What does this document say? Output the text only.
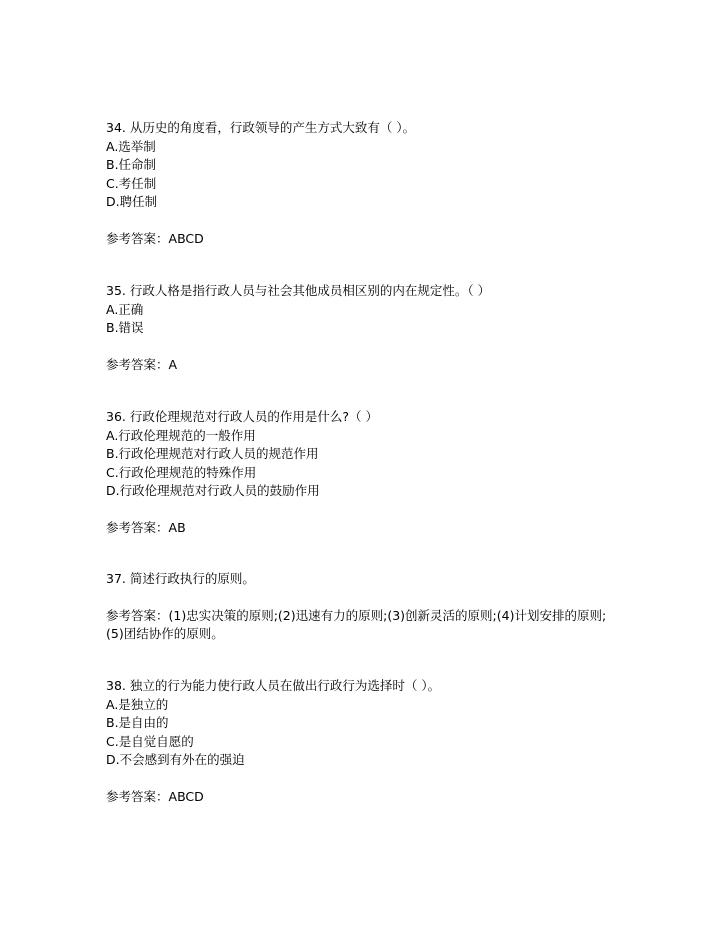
34. 从历史的角度看，行政领导的产生方式大致有（ ）。
A.选举制
B.任命制
C.考任制
D.聘任制
参考答案：ABCD
35. 行政人格是指行政人员与社会其他成员相区别的内在规定性。（ ）
A.正确
B.错误
参考答案：A
36. 行政伦理规范对行政人员的作用是什么?（ ）
A.行政伦理规范的一般作用
B.行政伦理规范对行政人员的规范作用
C.行政伦理规范的特殊作用
D.行政伦理规范对行政人员的鼓励作用
参考答案：AB
37. 简述行政执行的原则。
参考答案：(1)忠实决策的原则;(2)迅速有力的原则;(3)创新灵活的原则;(4)计划安排的原则;(5)团结协作的原则。
38. 独立的行为能力使行政人员在做出行政行为选择时（ ）。
A.是独立的
B.是自由的
C.是自觉自愿的
D.不会感到有外在的强迫
参考答案：ABCD
